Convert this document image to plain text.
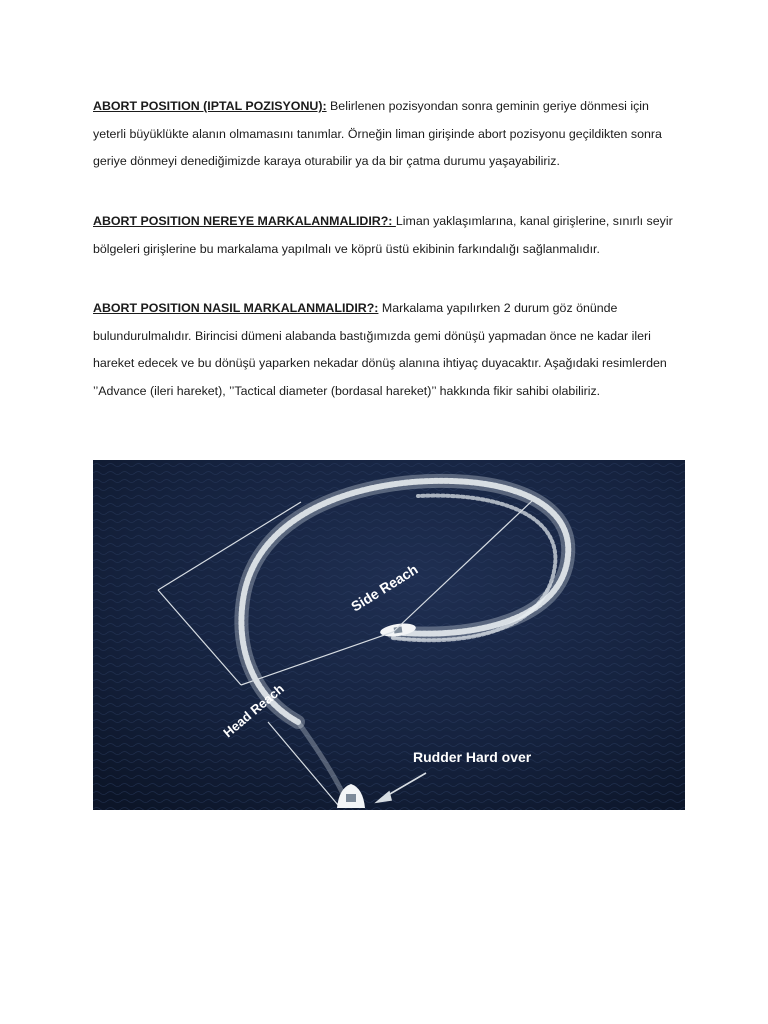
ABORT POSITION (IPTAL POZISYONU): Belirlenen pozisyondan sonra geminin geriye dönmesi için yeterli büyüklükte alanın olmamasını tanımlar. Örneğin liman girişinde abort pozisyonu geçildikten sonra geriye dönmeyi denediğimizde karaya oturabilir ya da bir çatma durumu yaşayabiliriz.

ABORT POSITION NEREYE MARKALANMALIDIR?: Liman yaklaşımlarına, kanal girişlerine, sınırlı seyir bölgeleri girişlerine bu markalama yapılmalı ve köprü üstü ekibinin farkındalığı sağlanmalıdır.

ABORT POSITION NASIL MARKALANMALIDIR?: Markalama yapılırken 2 durum göz önünde bulundurulmalıdır. Birincisi dümeni alabanda bastığımızda gemi dönüşü yapmadan önce ne kadar ileri hareket edecek ve bu dönüşü yaparken nekadar dönüş alanına ihtiyaç duyacaktır. Aşağıdaki resimlerden ’’Advance (ileri hareket), ’’Tactical diameter (bordasal hareket)’’ hakkında fikir sahibi olabiliriz.

Side Reach
Head Reach
Rudder Hard over
